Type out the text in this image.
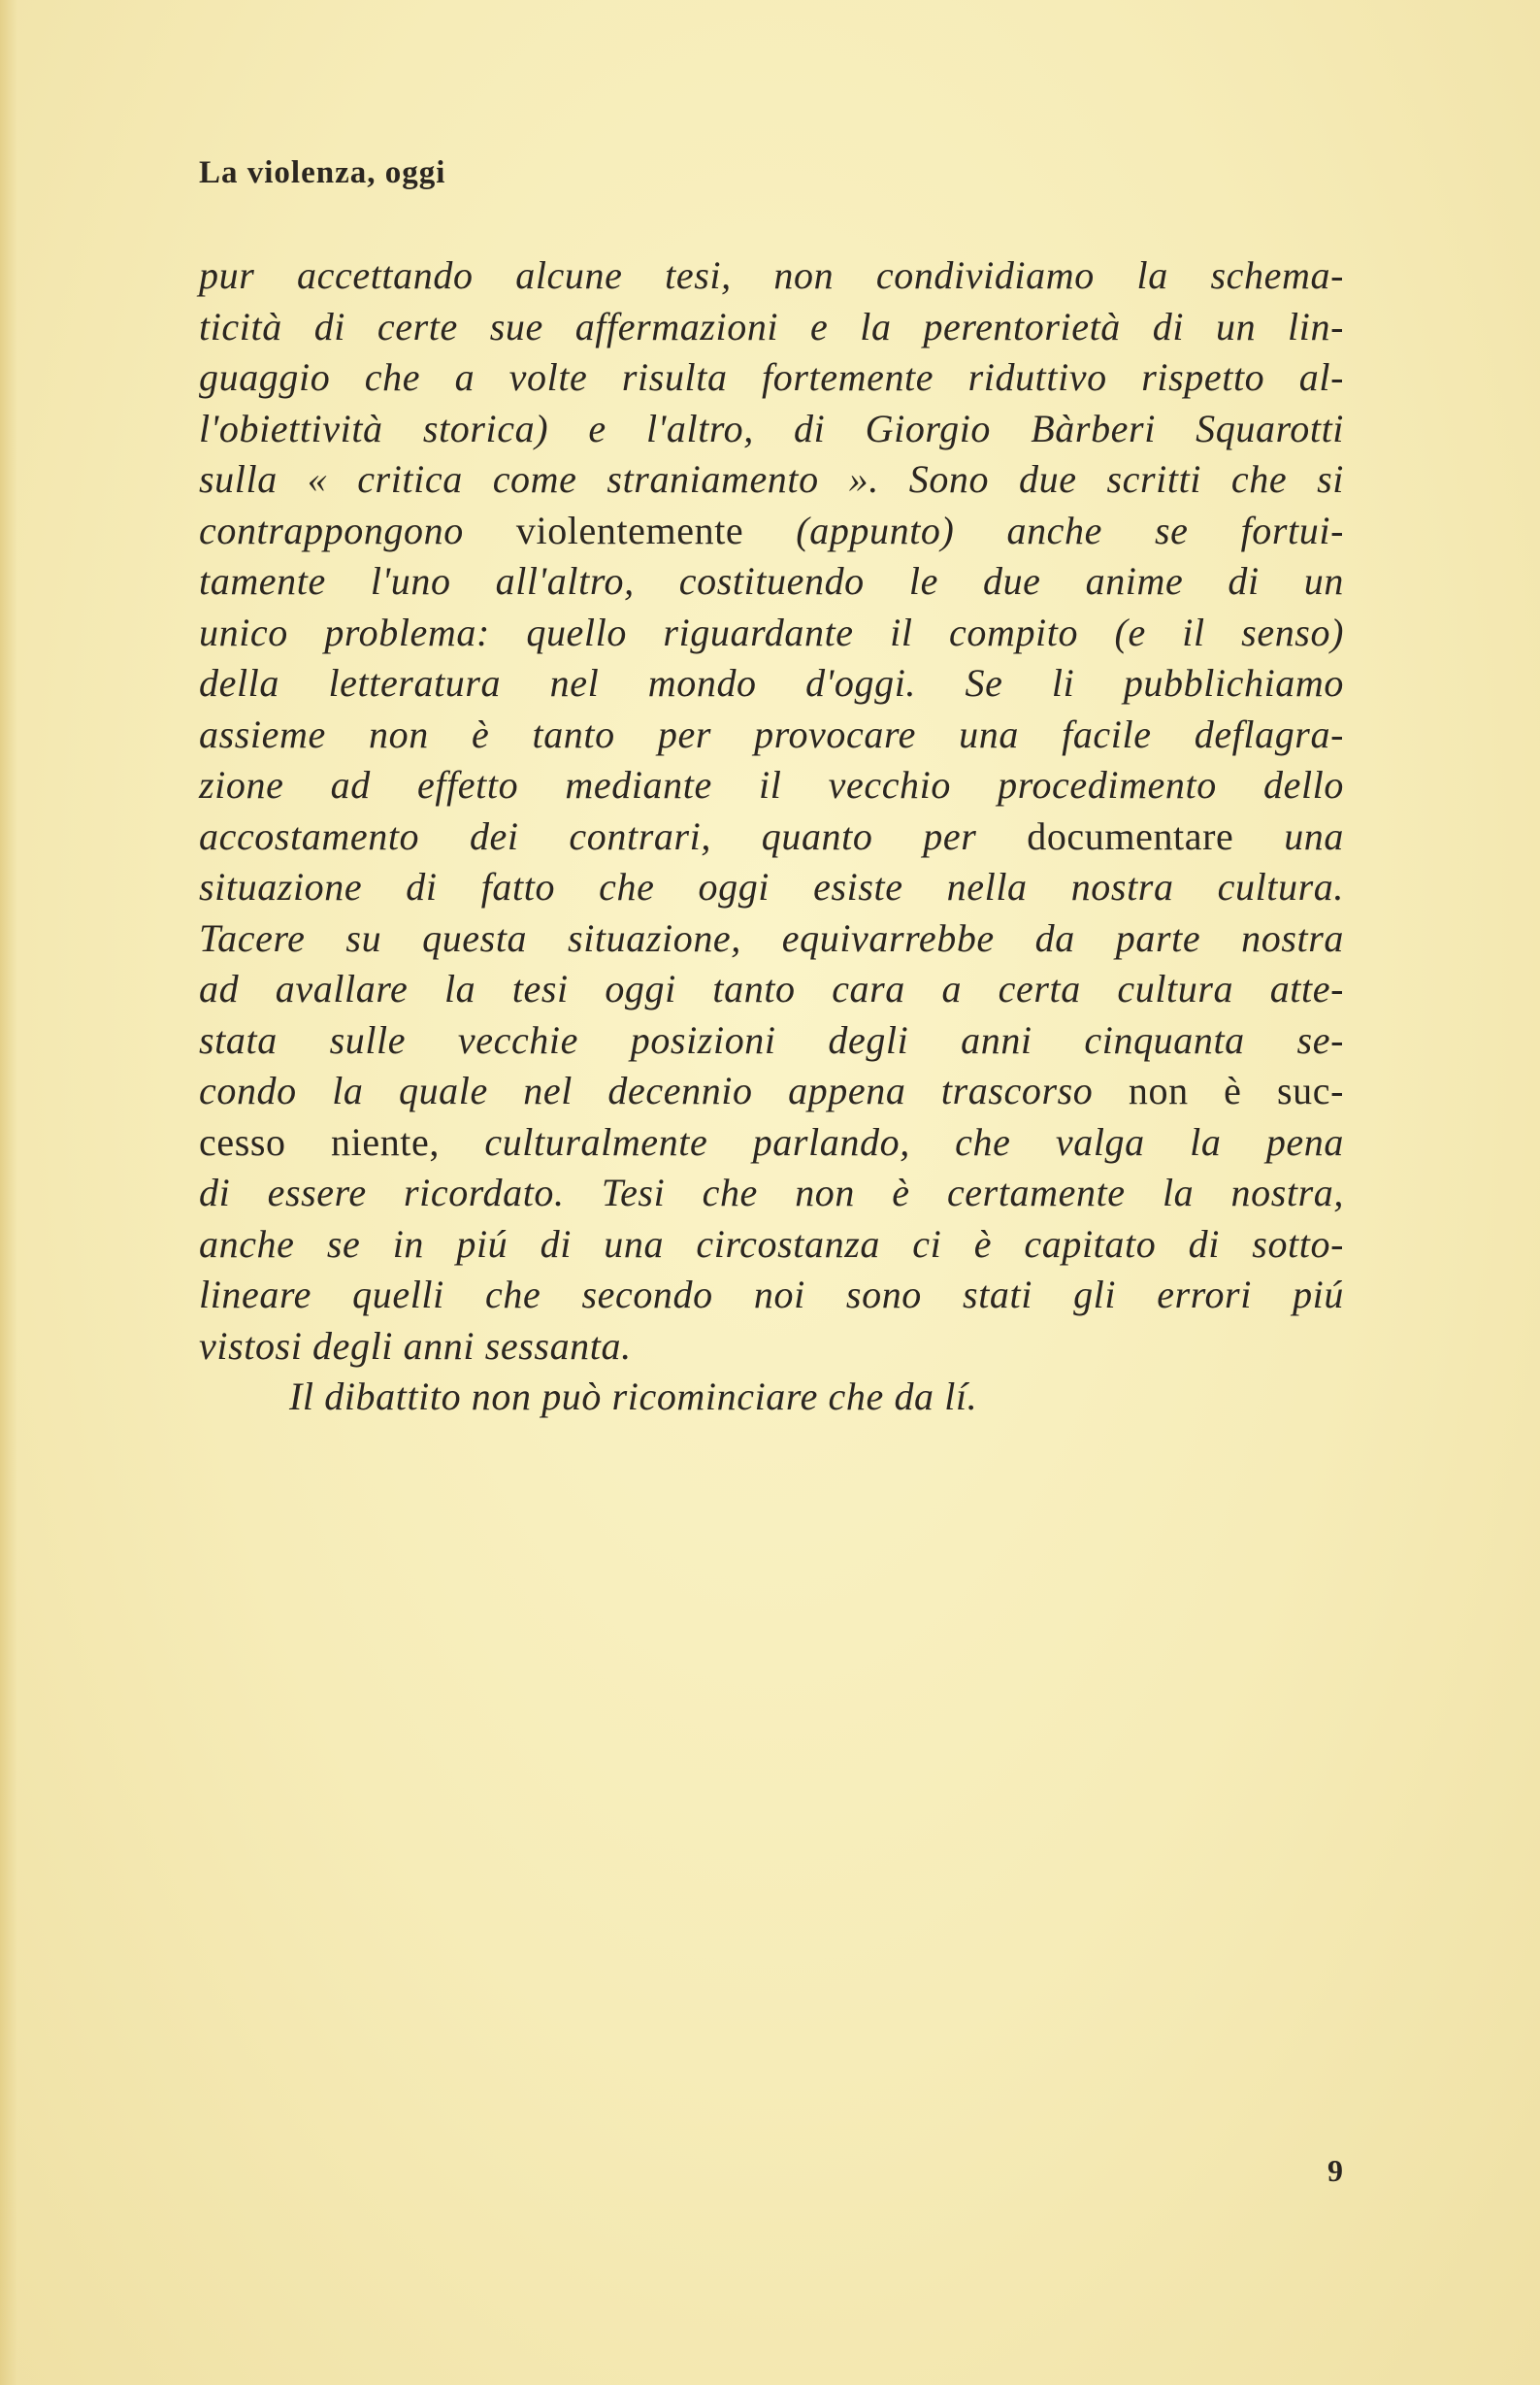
La violenza, oggi
pur accettando alcune tesi, non condividiamo la schema-
ticità di certe sue affermazioni e la perentorietà di un lin-
guaggio che a volte risulta fortemente riduttivo rispetto al-
l'obiettività storica) e l'altro, di Giorgio Bàrberi Squarotti
sulla « critica come straniamento ». Sono due scritti che si
contrappongono violentemente (appunto) anche se fortui-
tamente l'uno all'altro, costituendo le due anime di un
unico problema: quello riguardante il compito (e il senso)
della letteratura nel mondo d'oggi. Se li pubblichiamo
assieme non è tanto per provocare una facile deflagra-
zione ad effetto mediante il vecchio procedimento dello
accostamento dei contrari, quanto per documentare una
situazione di fatto che oggi esiste nella nostra cultura.
Tacere su questa situazione, equivarrebbe da parte nostra
ad avallare la tesi oggi tanto cara a certa cultura atte-
stata sulle vecchie posizioni degli anni cinquanta se-
condo la quale nel decennio appena trascorso non è suc-
cesso niente, culturalmente parlando, che valga la pena
di essere ricordato. Tesi che non è certamente la nostra,
anche se in piú di una circostanza ci è capitato di sotto-
lineare quelli che secondo noi sono stati gli errori piú
vistosi degli anni sessanta.
Il dibattito non può ricominciare che da lí.
9
